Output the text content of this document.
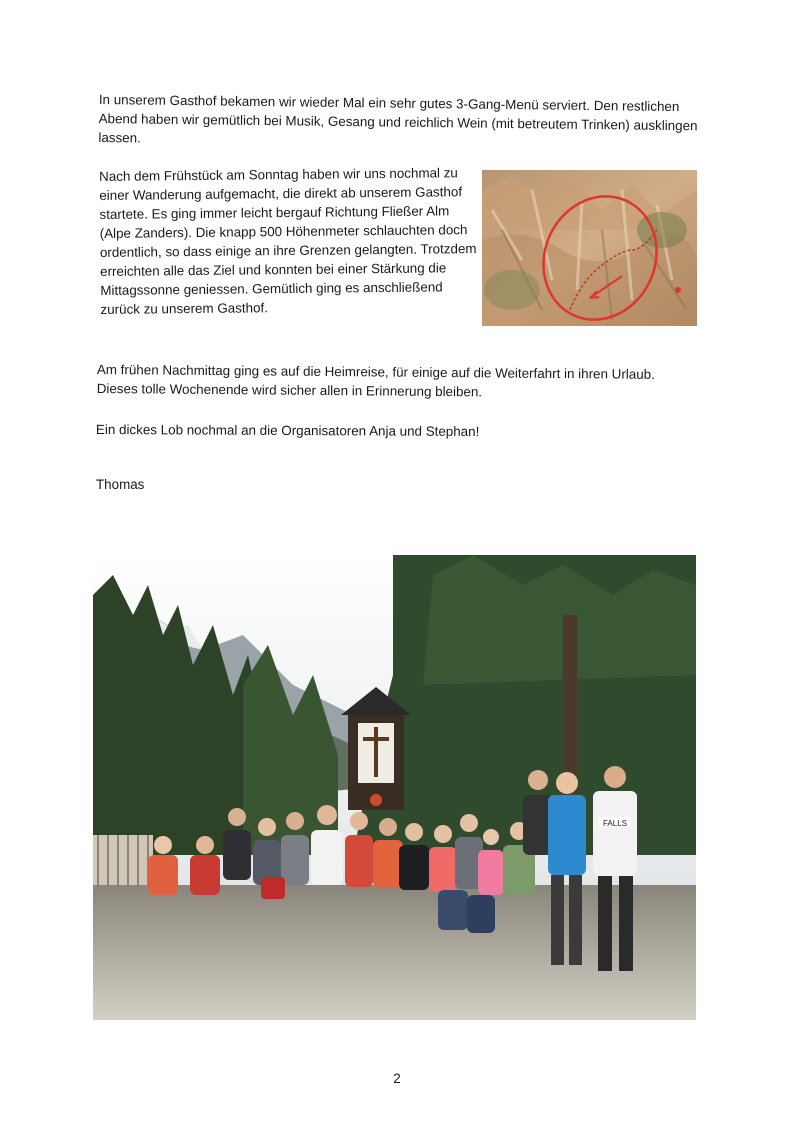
In unserem Gasthof bekamen wir wieder Mal ein sehr gutes 3-Gang-Menü serviert. Den restlichen Abend haben wir gemütlich bei Musik, Gesang und reichlich Wein (mit betreutem Trinken) ausklingen lassen.

Nach dem Frühstück am Sonntag haben wir uns nochmal zu einer Wanderung aufgemacht, die direkt ab unserem Gasthof startete. Es ging immer leicht bergauf Richtung Fließer Alm (Alpe Zanders). Die knapp 500 Höhenmeter schlauchten doch ordentlich, so dass einige an ihre Grenzen gelangten. Trotzdem erreichten alle das Ziel und konnten bei einer Stärkung die Mittagssonne geniessen. Gemütlich ging es anschließend zurück zu unserem Gasthof.

Am frühen Nachmittag ging es auf die Heimreise, für einige auf die Weiterfahrt in ihren Urlaub. Dieses tolle Wochenende wird sicher allen in Erinnerung bleiben.

Ein dickes Lob nochmal an die Organisatoren Anja und Stephan!

Thomas

FALLS

2
